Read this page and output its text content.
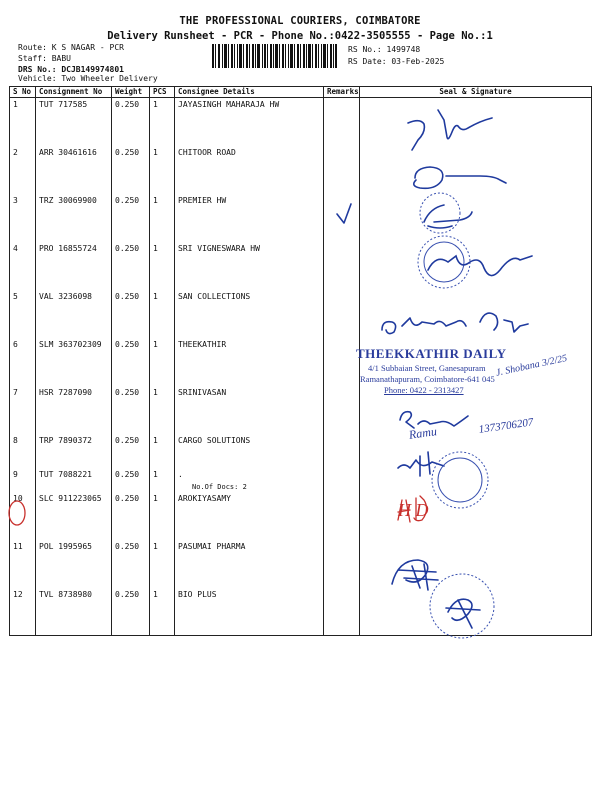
THE PROFESSIONAL COURIERS, COIMBATORE
Delivery Runsheet - PCR - Phone No.:0422-3505555 - Page No.:1
Route: K S NAGAR - PCR
Staff: BABU
DRS No.: DCJB149974801
Vehicle: Two Wheeler Delivery
RS No.: 1499748
RS Date: 03-Feb-2025
S No	Consignment No	Weight	PCS	Consignee Details	Remarks	Seal & Signature
1	TUT 717585	0.250	1	JAYASINGH MAHARAJA HW		
2	ARR 30461616	0.250	1	CHITOOR ROAD		
3	TRZ 30069900	0.250	1	PREMIER HW		
4	PRO 16855724	0.250	1	SRI VIGNESWARA HW		
5	VAL 3236098	0.250	1	SAN COLLECTIONS		
6	SLM 363702309	0.250	1	THEEKATHIR		
7	HSR 7287090	0.250	1	SRINIVASAN		
8	TRP 7890372	0.250	1	CARGO SOLUTIONS		
9	TUT 7088221	0.250	1	.
No.Of Docs: 2		

10	SLC 911223065	0.250	1	AROKIYASAMY		
11	POL 1995965	0.250	1	PASUMAI PHARMA		
12	TVL 8738980	0.250	1	BIO PLUS		
THEEKKATHIR DAILY
4/1 Subbaian Street, Ganesapuram
Ramanathapuram, Coimbatore-641 045
Phone: 0422 - 2313427
J. Shobana 3/2/25
Ramu	1373706207
H D
